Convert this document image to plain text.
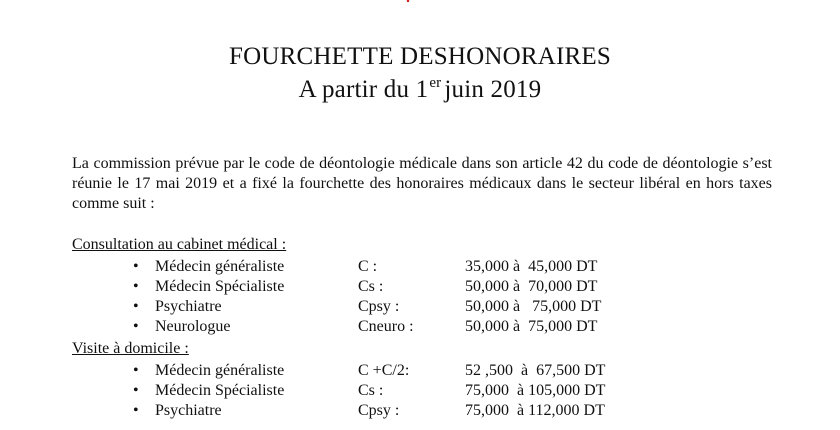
FOURCHETTE DESHONORAIRES
A partir du 1er juin 2019
La commission prévue par le code de déontologie médicale dans son article 42 du code de déontologie s’est réunie le 17 mai 2019 et a fixé la fourchette des honoraires médicaux dans le secteur libéral en hors taxes comme suit :
Consultation au cabinet médical :
• Médecin généraliste	C :	35,000 à  45,000 DT
• Médecin Spécialiste	Cs :	50,000 à  70,000 DT
• Psychiatre	Cpsy :	50,000 à   75,000 DT
• Neurologue	Cneuro :	50,000 à  75,000 DT
Visite à domicile :
• Médecin généraliste	C +C/2:	52 ,500  à  67,500 DT
• Médecin Spécialiste	Cs :	75,000  à 105,000 DT
• Psychiatre	Cpsy :	75,000  à 112,000 DT
